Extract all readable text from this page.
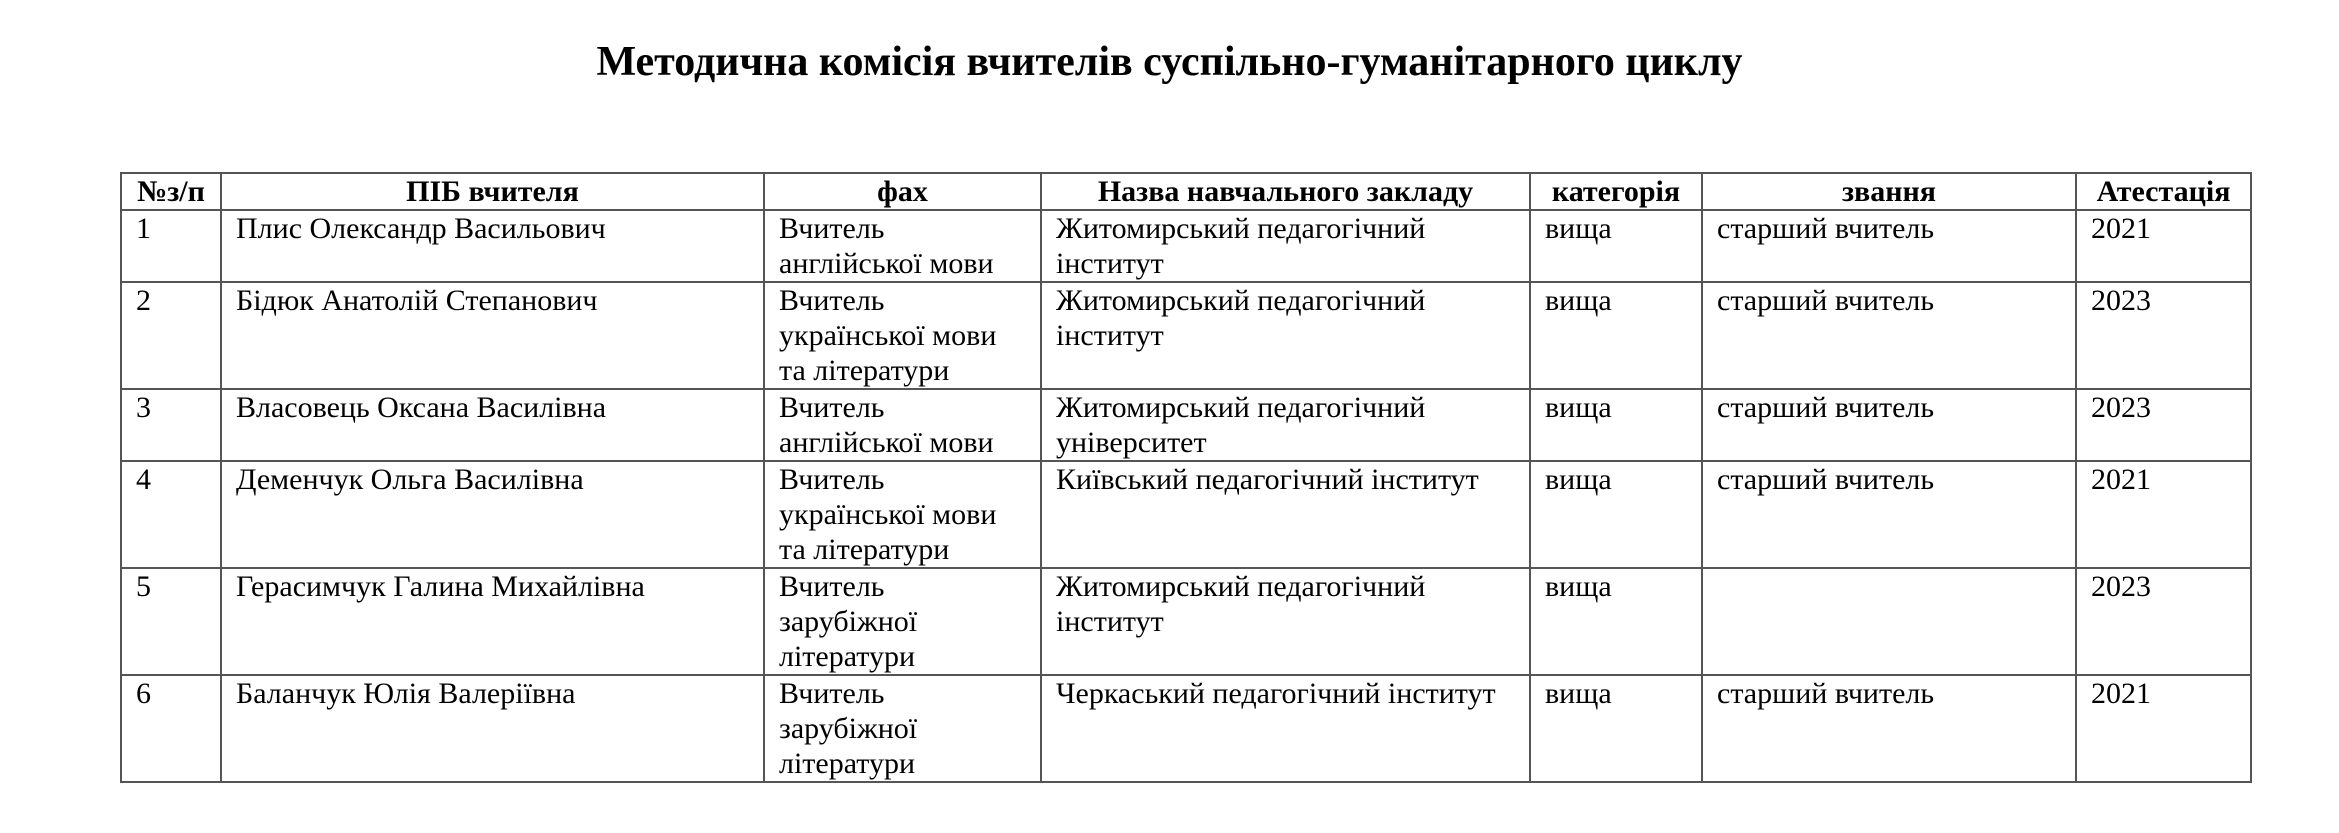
Методична комісія вчителів суспільно-гуманітарного циклу
№з/п	ПІБ вчителя	фах	Назва навчального закладу	категорія	звання	Атестація
1	Плис Олександр Васильович	Вчитель англійської мови	Житомирський педагогічний інститут	вища	старший вчитель	2021
2	Бідюк Анатолій Степанович	Вчитель української мови та літератури	Житомирський педагогічний інститут	вища	старший вчитель	2023
3	Власовець Оксана Василівна	Вчитель англійської мови	Житомирський педагогічний університет	вища	старший вчитель	2023
4	Деменчук Ольга Василівна	Вчитель української мови та літератури	Київський педагогічний інститут	вища	старший вчитель	2021
5	Герасимчук Галина Михайлівна	Вчитель зарубіжної літератури	Житомирський педагогічний інститут	вища		2023
6	Баланчук Юлія Валеріївна	Вчитель зарубіжної літератури	Черкаський педагогічний інститут	вища	старший вчитель	2021
